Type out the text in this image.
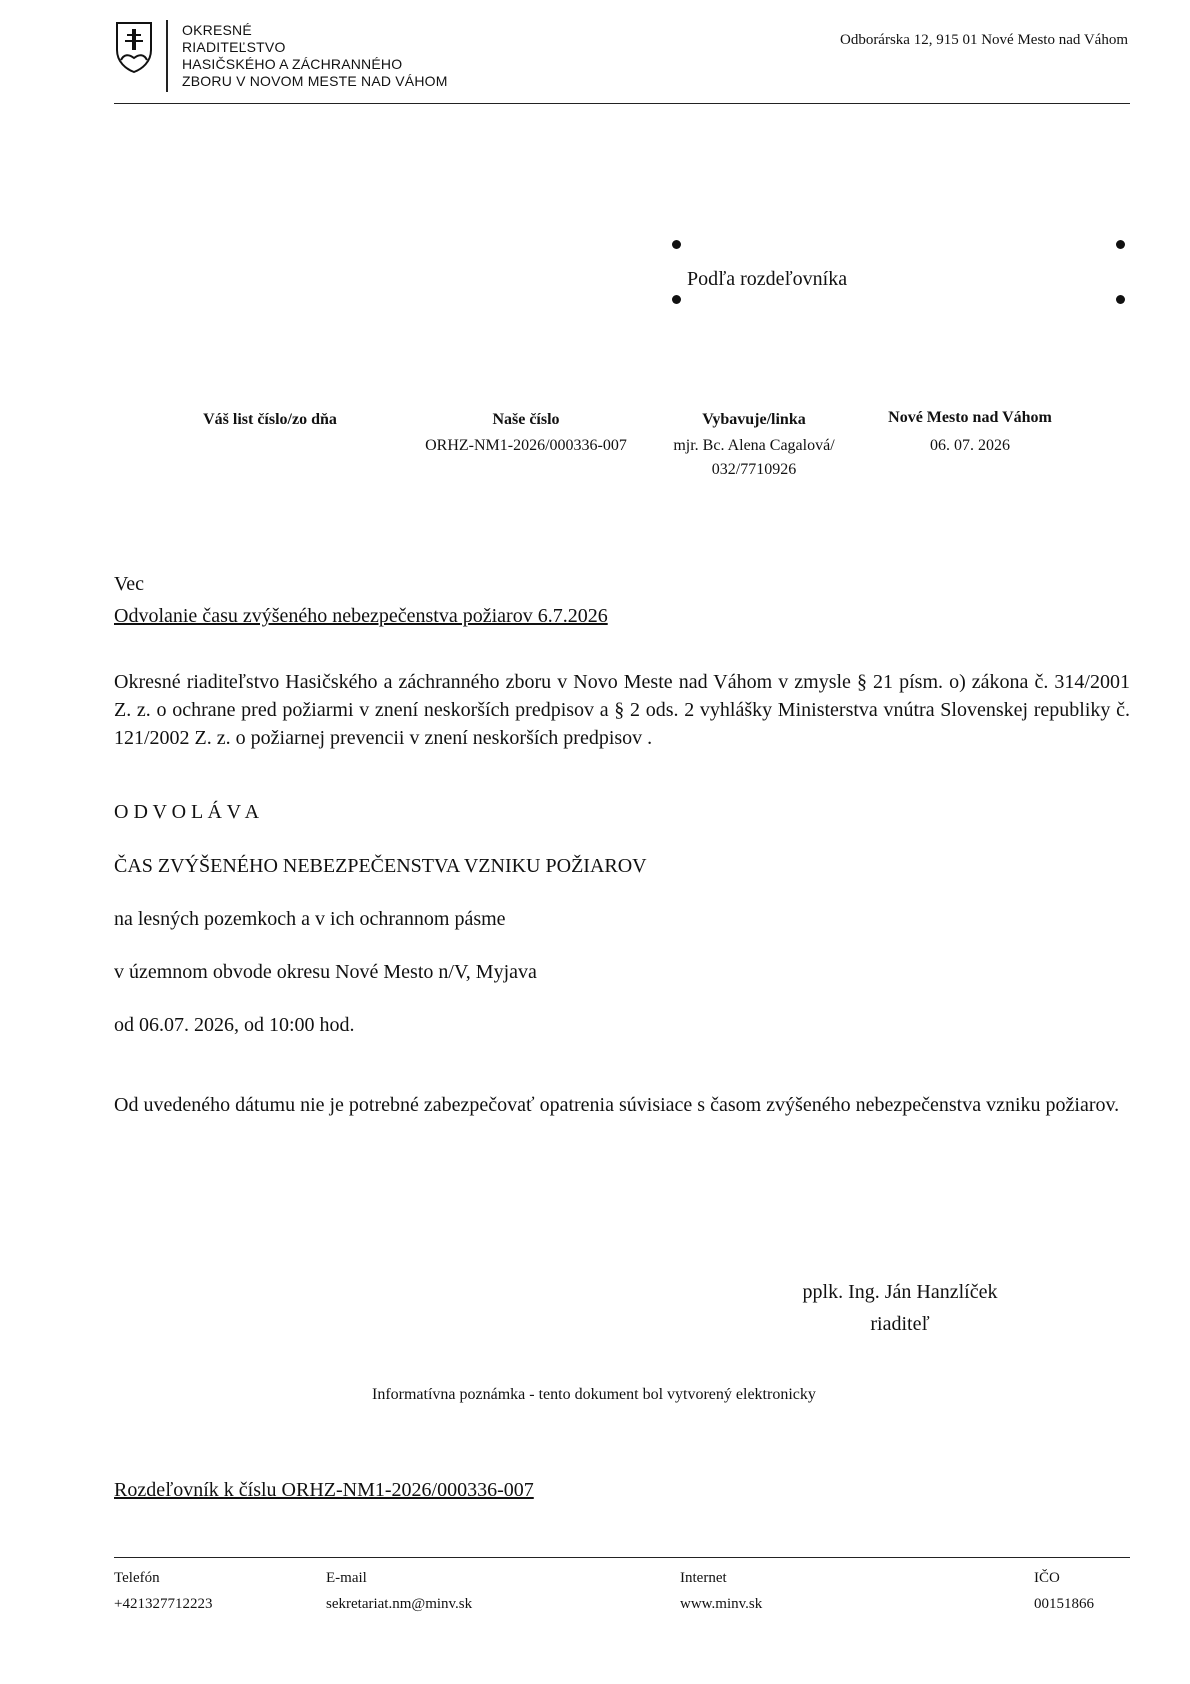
OKRESNÉ
RIADITEĽSTVO
HASIČSKÉHO A ZÁCHRANNÉHO
ZBORU V NOVOM MESTE NAD VÁHOM
Odborárska 12, 915 01 Nové Mesto nad Váhom
Podľa rozdeľovníka
Váš list číslo/zo dňa	Naše číslo
ORHZ-NM1-2026/000336-007
Vybavuje/linka
mjr. Bc. Alena Cagalová/
032/7710926
Nové Mesto nad Váhom
06. 07. 2026
Vec
Odvolanie času zvýšeného nebezpečenstva požiarov 6.7.2026
Okresné riaditeľstvo Hasičského a záchranného zboru v Novo Meste nad Váhom v zmysle § 21 písm. o) zákona č. 314/2001 Z. z. o ochrane pred požiarmi v znení neskorších predpisov a § 2 ods. 2 vyhlášky Ministerstva vnútra Slovenskej republiky č. 121/2002 Z. z. o požiarnej prevencii v znení neskorších predpisov .
O D V O L Á V A
ČAS ZVÝŠENÉHO NEBEZPEČENSTVA VZNIKU POŽIAROV
na lesných pozemkoch a v ich ochrannom pásme
v územnom obvode okresu Nové Mesto n/V, Myjava
od 06.07. 2026, od 10:00 hod.
Od uvedeného dátumu nie je potrebné zabezpečovať opatrenia súvisiace s časom zvýšeného nebezpečenstva vzniku požiarov.
pplk. Ing. Ján Hanzlíček
riaditeľ
Informatívna poznámka - tento dokument bol vytvorený elektronicky
Rozdeľovník k číslu ORHZ-NM1-2026/000336-007
Telefón
+421327712223
E-mail
sekretariat.nm@minv.sk
Internet
www.minv.sk
IČO
00151866
